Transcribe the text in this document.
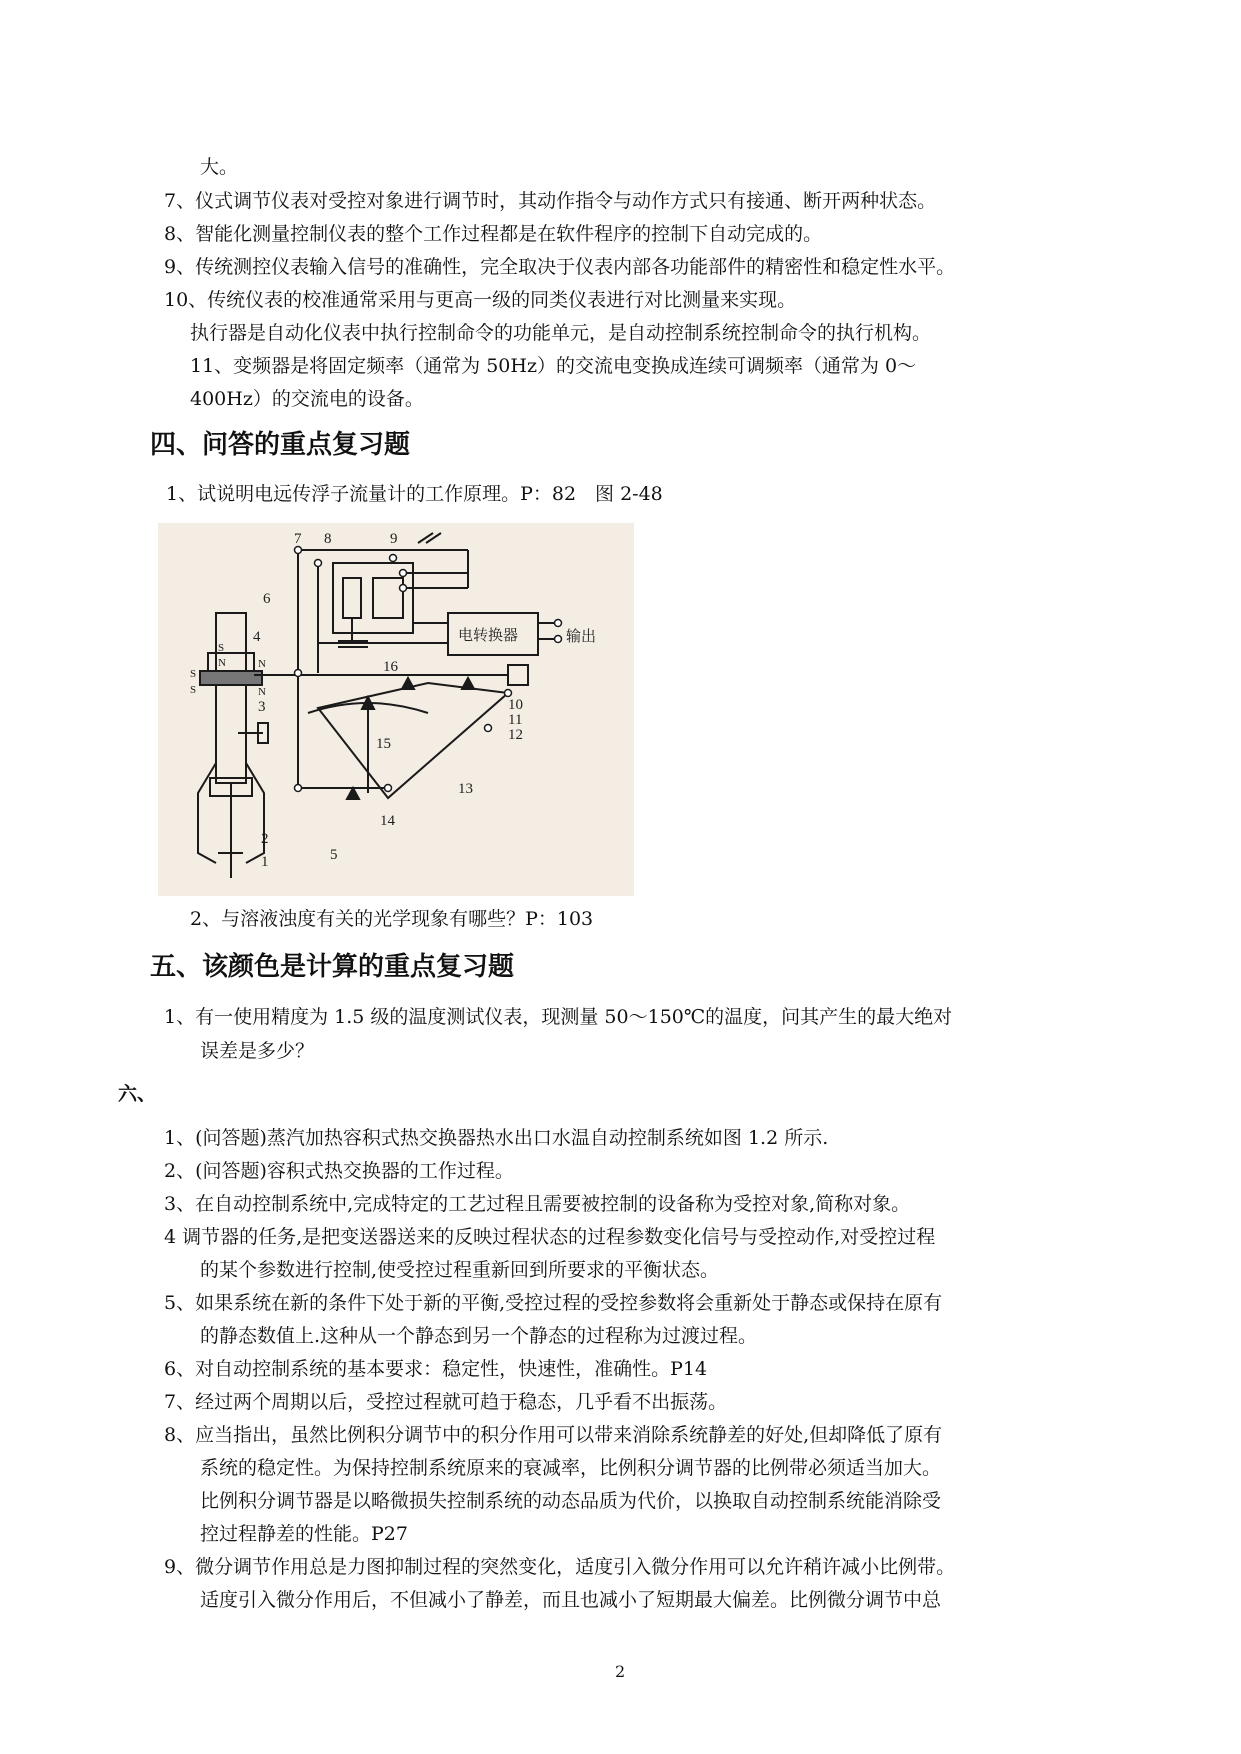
大。
7、仪式调节仪表对受控对象进行调节时，其动作指令与动作方式只有接通、断开两种状态。
8、智能化测量控制仪表的整个工作过程都是在软件程序的控制下自动完成的。
9、传统测控仪表输入信号的准确性，完全取决于仪表内部各功能部件的精密性和稳定性水平。
10、传统仪表的校准通常采用与更高一级的同类仪表进行对比测量来实现。
执行器是自动化仪表中执行控制命令的功能单元，是自动控制系统控制命令的执行机构。
11、变频器是将固定频率（通常为 50Hz）的交流电变换成连续可调频率（通常为 0～
400Hz）的交流电的设备。
四、问答的重点复习题
1、试说明电远传浮子流量计的工作原理。P：82　图 2-48
电转换器	输出
1
2
3
4
5
6
7 8	9
10
11
12
13
14
15
16
S
N
S
N
S	N
2、与溶液浊度有关的光学现象有哪些？P：103
五、该颜色是计算的重点复习题
1、有一使用精度为 1.5 级的温度测试仪表，现测量 50～150℃的温度，问其产生的最大绝对
误差是多少？
六、
1、(问答题)蒸汽加热容积式热交换器热水出口水温自动控制系统如图 1.2 所示.
2、(问答题)容积式热交换器的工作过程。
3、在自动控制系统中,完成特定的工艺过程且需要被控制的设备称为受控对象,简称对象。
4 调节器的任务,是把变送器送来的反映过程状态的过程参数变化信号与受控动作,对受控过程
的某个参数进行控制,使受控过程重新回到所要求的平衡状态。
5、如果系统在新的条件下处于新的平衡,受控过程的受控参数将会重新处于静态或保持在原有
的静态数值上.这种从一个静态到另一个静态的过程称为过渡过程。
6、对自动控制系统的基本要求：稳定性，快速性，准确性。P14
7、经过两个周期以后，受控过程就可趋于稳态，几乎看不出振荡。
8、应当指出，虽然比例积分调节中的积分作用可以带来消除系统静差的好处,但却降低了原有
系统的稳定性。为保持控制系统原来的衰减率，比例积分调节器的比例带必须适当加大。
比例积分调节器是以略微损失控制系统的动态品质为代价，以换取自动控制系统能消除受
控过程静差的性能。P27
9、微分调节作用总是力图抑制过程的突然变化，适度引入微分作用可以允许稍许减小比例带。
适度引入微分作用后，不但减小了静差，而且也减小了短期最大偏差。比例微分调节中总
2
